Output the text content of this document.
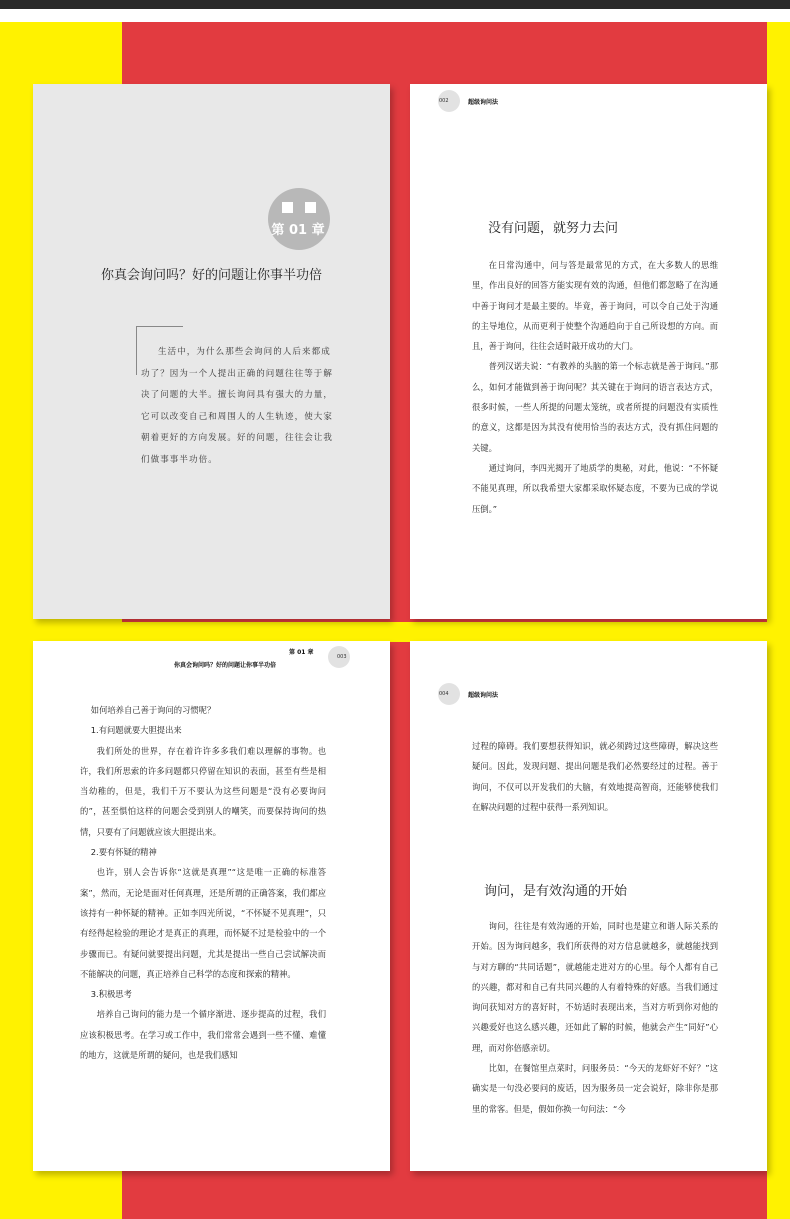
第 01 章
你真会询问吗？好的问题让你事半功倍
生活中，为什么那些会询问的人后来都成功了？因为一个人提出正确的问题往往等于解决了问题的大半。擅长询问具有强大的力量，它可以改变自己和周围人的人生轨迹，使大家朝着更好的方向发展。好的问题，往往会让我们做事事半功倍。
002	超级询问法
没有问题，就努力去问

在日常沟通中，问与答是最常见的方式，在大多数人的思维里，作出良好的回答方能实现有效的沟通，但他们都忽略了在沟通中善于询问才是最主要的。毕竟，善于询问，可以令自己处于沟通的主导地位，从而更利于使整个沟通趋向于自己所设想的方向。而且，善于询问，往往会适时敲开成功的大门。

普列汉诺夫说：“有教养的头脑的第一个标志就是善于询问。”那么，如何才能做到善于询问呢？其关键在于询问的语言表达方式，很多时候，一些人所提的问题太笼统，或者所提的问题没有实质性的意义，这都是因为其没有使用恰当的表达方式，没有抓住问题的关键。

通过询问，李四光揭开了地质学的奥秘，对此，他说：“不怀疑不能见真理，所以我希望大家都采取怀疑态度，不要为已成的学说压倒。”

第 01 章
你真会询问吗？好的问题让你事半功倍
003

如何培养自己善于询问的习惯呢？

1.有问题就要大胆提出来

我们所处的世界，存在着许许多多我们难以理解的事物。也许，我们所思索的许多问题都只停留在知识的表面，甚至有些是相当幼稚的，但是，我们千万不要认为这些问题是“没有必要询问的”，甚至惧怕这样的问题会受到别人的嘲笑，而要保持询问的热情，只要有了问题就应该大胆提出来。

2.要有怀疑的精神

也许，别人会告诉你“这就是真理”“这是唯一正确的标准答案”，然而，无论是面对任何真理，还是所谓的正确答案，我们都应该持有一种怀疑的精神。正如李四光所说，“不怀疑不见真理”，只有经得起检验的理论才是真正的真理，而怀疑不过是检验中的一个步骤而已。有疑问就要提出问题，尤其是提出一些自己尝试解决而不能解决的问题，真正培养自己科学的态度和探索的精神。

3.积极思考

培养自己询问的能力是一个循序渐进、逐步提高的过程，我们应该积极思考。在学习或工作中，我们常常会遇到一些不懂、难懂的地方，这就是所谓的疑问，也是我们感知

004	超级询问法

过程的障碍。我们要想获得知识，就必须跨过这些障碍，解决这些疑问。因此，发现问题、提出问题是我们必然要经过的过程。善于询问，不仅可以开发我们的大脑，有效地提高智商，还能够使我们在解决问题的过程中获得一系列知识。

询问，是有效沟通的开始

询问，往往是有效沟通的开始，同时也是建立和谐人际关系的开始。因为询问越多，我们所获得的对方信息就越多，就越能找到与对方聊的“共同话题”，就越能走进对方的心里。每个人都有自己的兴趣，都对和自己有共同兴趣的人有着特殊的好感。当我们通过询问获知对方的喜好时，不妨适时表现出来，当对方听到你对他的兴趣爱好也这么感兴趣，还如此了解的时候，他就会产生“同好”心理，而对你倍感亲切。

比如，在餐馆里点菜时，问服务员：“今天的龙虾好不好？”这确实是一句没必要问的废话，因为服务员一定会说好，除非你是那里的常客。但是，假如你换一句问法：“今
